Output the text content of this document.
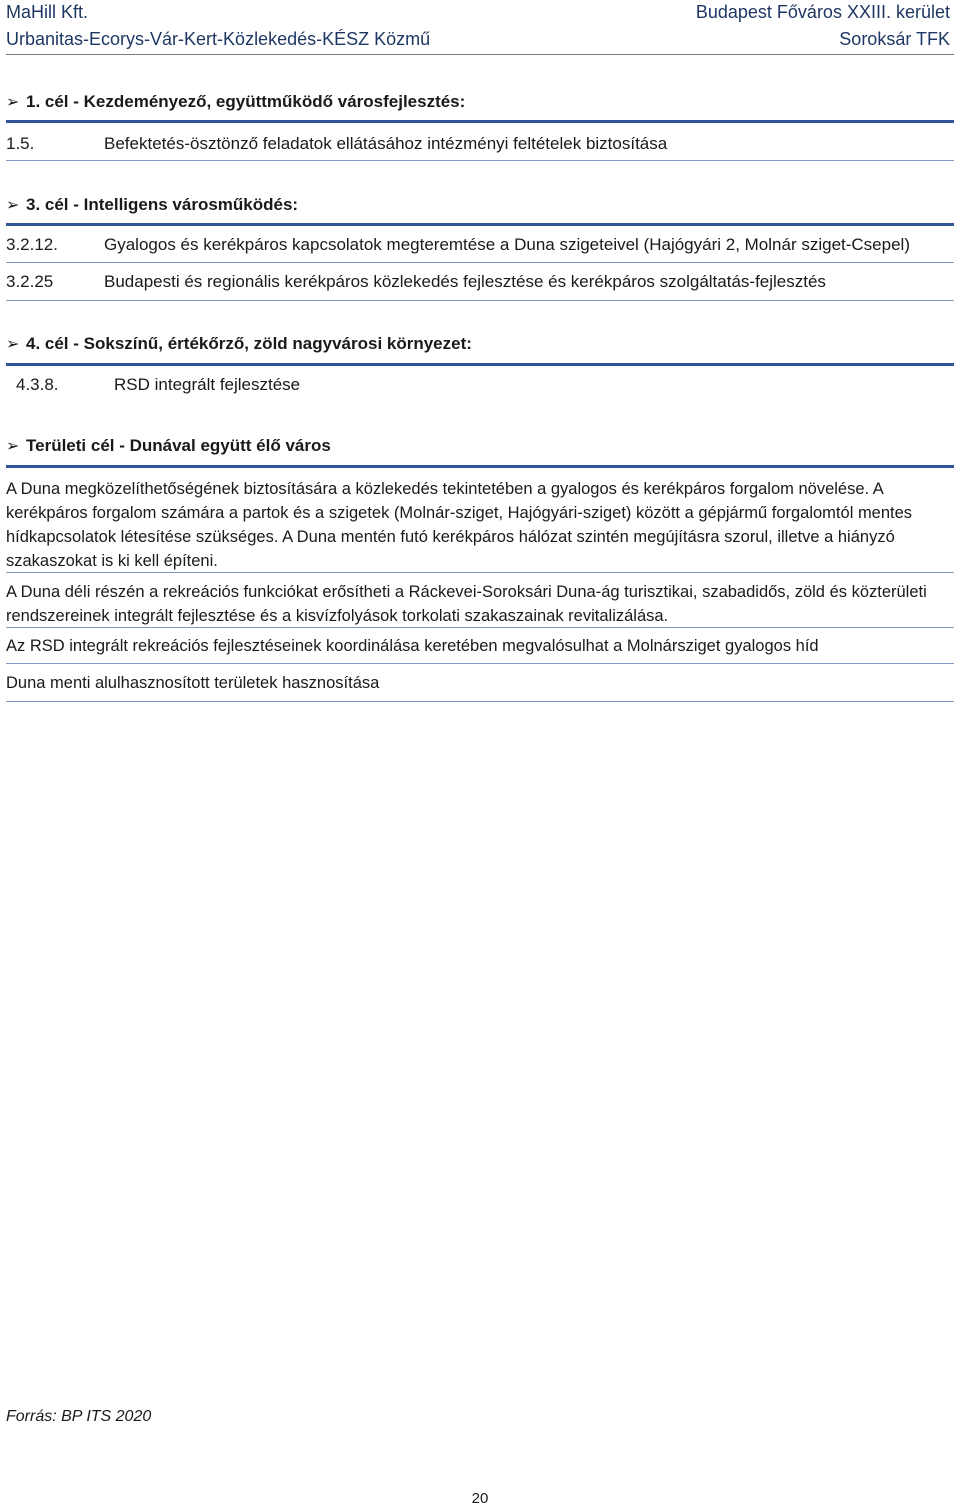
MaHill Kft.
Urbanitas-Ecorys-Vár-Kert-Közlekedés-KÉSZ Közmű
Budapest Főváros XXIII. kerület
Soroksár TFK
➢ 1. cél - Kezdeményező, együttműködő városfejlesztés:
1.5.	Befektetés-ösztönző feladatok ellátásához intézményi feltételek biztosítása
➢ 3. cél - Intelligens városműködés:
3.2.12.	Gyalogos és kerékpáros kapcsolatok megteremtése a Duna szigeteivel (Hajógyári 2, Molnár sziget-Csepel)
3.2.25	Budapesti és regionális kerékpáros közlekedés fejlesztése és kerékpáros szolgáltatás-fejlesztés
➢ 4. cél - Sokszínű, értékőrző, zöld nagyvárosi környezet:
4.3.8.	RSD integrált fejlesztése
➢ Területi cél - Dunával együtt élő város
A Duna megközelíthetőségének biztosítására a közlekedés tekintetében a gyalogos és kerékpáros forgalom növelése. A kerékpáros forgalom számára a partok és a szigetek (Molnár-sziget, Hajógyári-sziget) között a gépjármű forgalomtól mentes hídkapcsolatok létesítése szükséges. A Duna mentén futó kerékpáros hálózat szintén megújításra szorul, illetve a hiányzó szakaszokat is ki kell építeni.
A Duna déli részén a rekreációs funkciókat erősítheti a Ráckevei-Soroksári Duna-ág turisztikai, szabadidős, zöld és közterületi rendszereinek integrált fejlesztése és a kisvízfolyások torkolati szakaszainak revitalizálása.
Az RSD integrált rekreációs fejlesztéseinek koordinálása keretében megvalósulhat a Molnársziget gyalogos híd
Duna menti alulhasznosított területek hasznosítása
Forrás: BP ITS 2020
20
